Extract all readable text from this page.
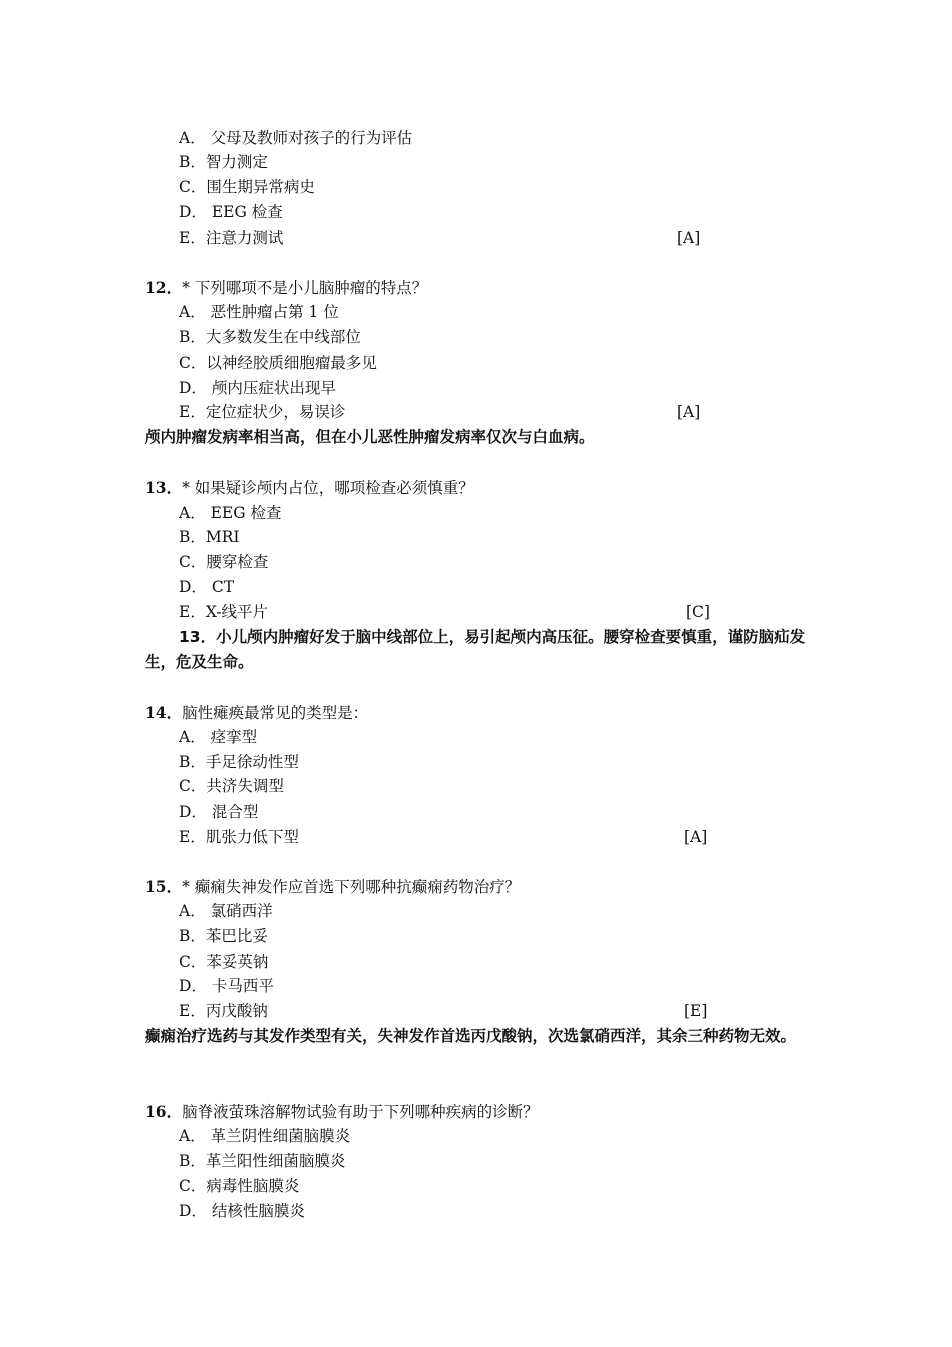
A． 父母及教师对孩子的行为评估
B．智力测定
C．围生期异常病史
D． EEG 检查
E．注意力测试	[A]
12．* 下列哪项不是小儿脑肿瘤的特点？
A． 恶性肿瘤占第 1 位
B．大多数发生在中线部位
C．以神经胶质细胞瘤最多见
D． 颅内压症状出现早
E．定位症状少，易误诊	[A]
颅内肿瘤发病率相当高，但在小儿恶性肿瘤发病率仅次与白血病。
13．* 如果疑诊颅内占位，哪项检查必须慎重？
A． EEG 检查
B．MRI
C．腰穿检查
D． CT
E．X-线平片	[C]
13．小儿颅内肿瘤好发于脑中线部位上，易引起颅内高压征。腰穿检查要慎重，谨防脑疝发生，危及生命。
14．脑性瘫痪最常见的类型是：
A． 痉挛型
B．手足徐动性型
C．共济失调型
D． 混合型
E．肌张力低下型	[A]
15．* 癫痫失神发作应首选下列哪种抗癫痫药物治疗？
A． 氯硝西洋
B．苯巴比妥
C．苯妥英钠
D． 卡马西平
E．丙戊酸钠	[E]
癫痫治疗选药与其发作类型有关，失神发作首选丙戊酸钠，次选氯硝西洋，其余三种药物无效。
16．脑脊液萤珠溶解物试验有助于下列哪种疾病的诊断？
A． 革兰阴性细菌脑膜炎
B．革兰阳性细菌脑膜炎
C．病毒性脑膜炎
D． 结核性脑膜炎
